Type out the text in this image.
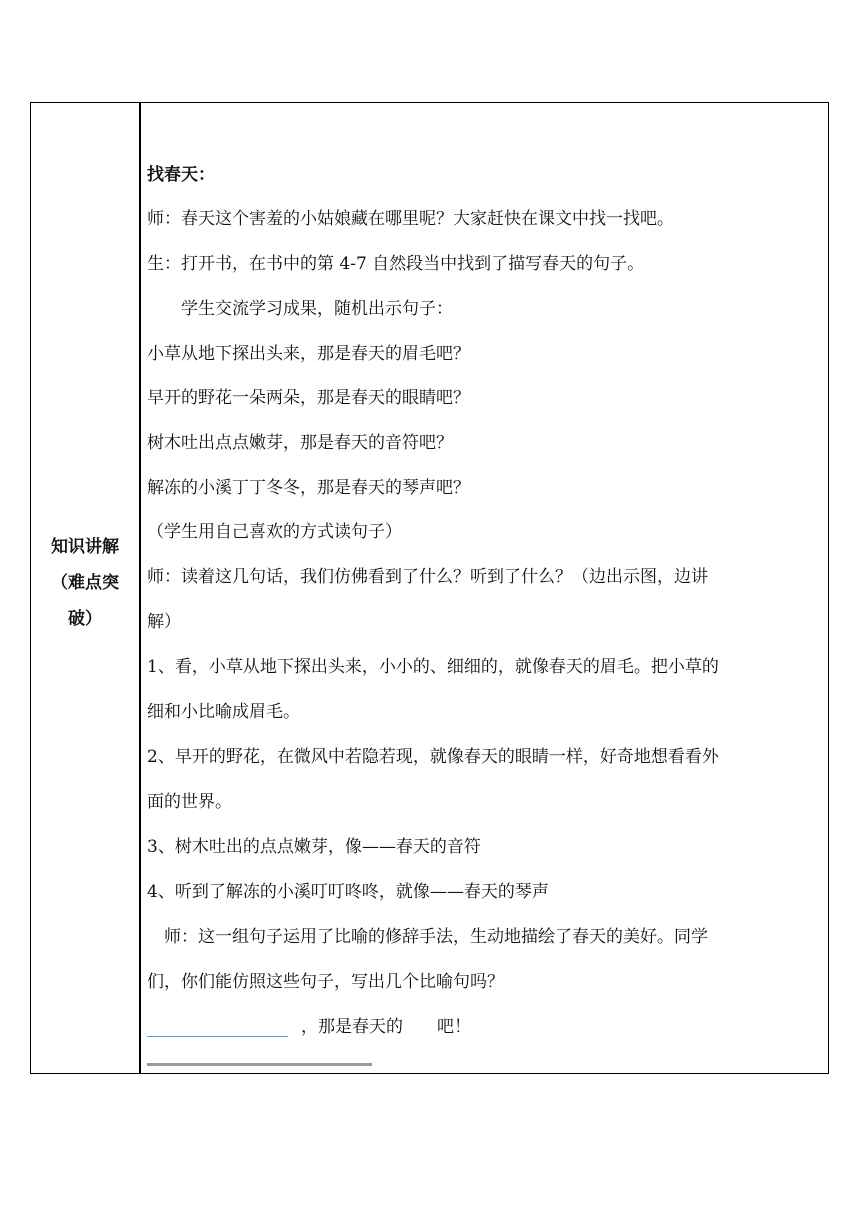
知识讲解
（难点突
破）
找春天：
师：春天这个害羞的小姑娘藏在哪里呢？大家赶快在课文中找一找吧。
生：打开书，在书中的第 4-7 自然段当中找到了描写春天的句子。
　　学生交流学习成果，随机出示句子：
小草从地下探出头来，那是春天的眉毛吧？
早开的野花一朵两朵，那是春天的眼睛吧？
树木吐出点点嫩芽，那是春天的音符吧？
解冻的小溪丁丁冬冬，那是春天的琴声吧？
（学生用自己喜欢的方式读句子）
师：读着这几句话，我们仿佛看到了什么？听到了什么？（边出示图，边讲
解）
1、看，小草从地下探出头来，小小的、细细的，就像春天的眉毛。把小草的
细和小比喻成眉毛。
2、早开的野花，在微风中若隐若现，就像春天的眼睛一样，好奇地想看看外
面的世界。
3、树木吐出的点点嫩芽，像——春天的音符
4、听到了解冻的小溪叮叮咚咚，就像——春天的琴声
　师：这一组句子运用了比喻的修辞手法，生动地描绘了春天的美好。同学
们，你们能仿照这些句子，写出几个比喻句吗？
，那是春天的　　吧！
